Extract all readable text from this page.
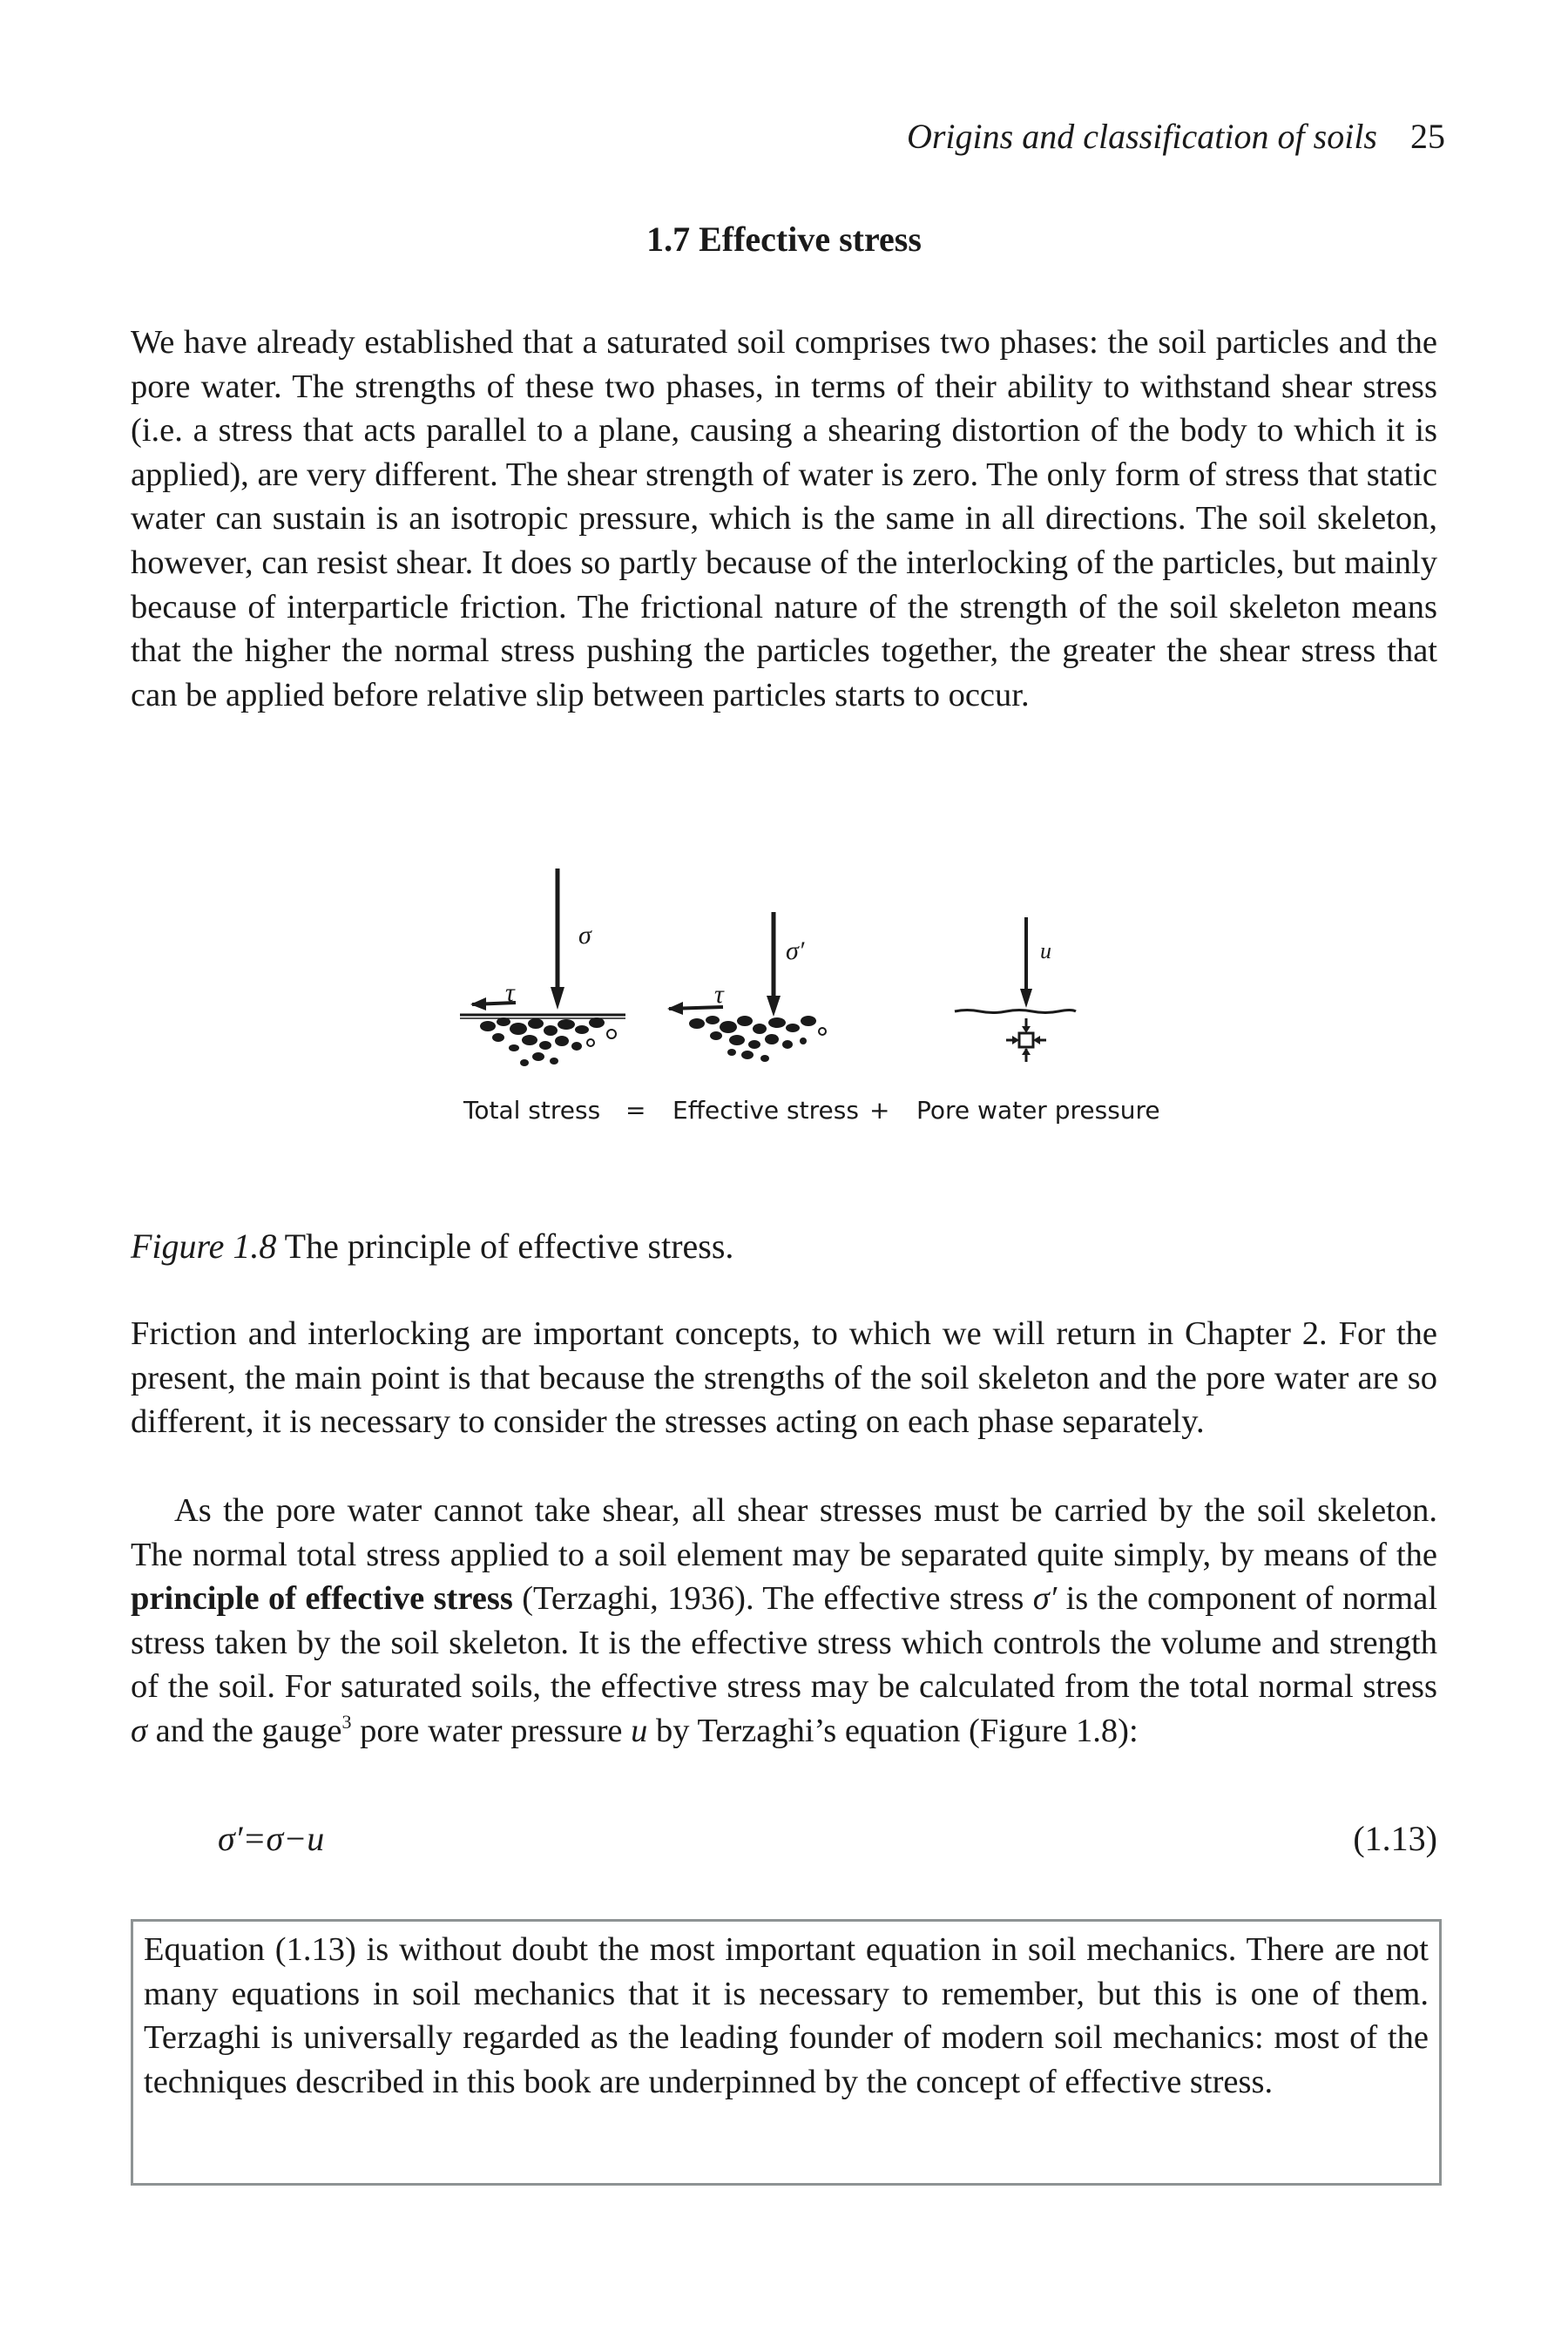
Origins and classification of soils 25
1.7 Effective stress

We have already established that a saturated soil comprises two phases: the soil particles and the pore water. The strengths of these two phases, in terms of their ability to withstand shear stress (i.e. a stress that acts parallel to a plane, causing a shearing distortion of the body to which it is applied), are very different. The shear strength of water is zero. The only form of stress that static water can sustain is an isotropic pressure, which is the same in all directions. The soil skeleton, however, can resist shear. It does so partly because of the interlocking of the particles, but mainly because of interparticle friction. The frictional nature of the strength of the soil skeleton means that the higher the normal stress pushing the particles together, the greater the shear stress that can be applied before relative slip between particles starts to occur.

σ
τ
σ′
τ
u
Total stress = Effective stress + Pore water pressure
Figure 1.8 The principle of effective stress.

Friction and interlocking are important concepts, to which we will return in Chapter 2. For the present, the main point is that because the strengths of the soil skeleton and the pore water are so different, it is necessary to consider the stresses acting on each phase separately.

As the pore water cannot take shear, all shear stresses must be carried by the soil skeleton. The normal total stress applied to a soil element may be separated quite simply, by means of the principle of effective stress (Terzaghi, 1936). The effective stress σ′ is the component of normal stress taken by the soil skeleton. It is the effective stress which controls the volume and strength of the soil. For saturated soils, the effective stress may be calculated from the total normal stress σ and the gauge$^3$ pore water pressure u by Terzaghi’s equation (Figure 1.8):

σ′=σ−u	(1.13)

Equation (1.13) is without doubt the most important equation in soil mechanics. There are not many equations in soil mechanics that it is necessary to remember, but this is one of them. Terzaghi is universally regarded as the leading founder of modern soil mechanics: most of the techniques described in this book are underpinned by the concept of effective stress.
